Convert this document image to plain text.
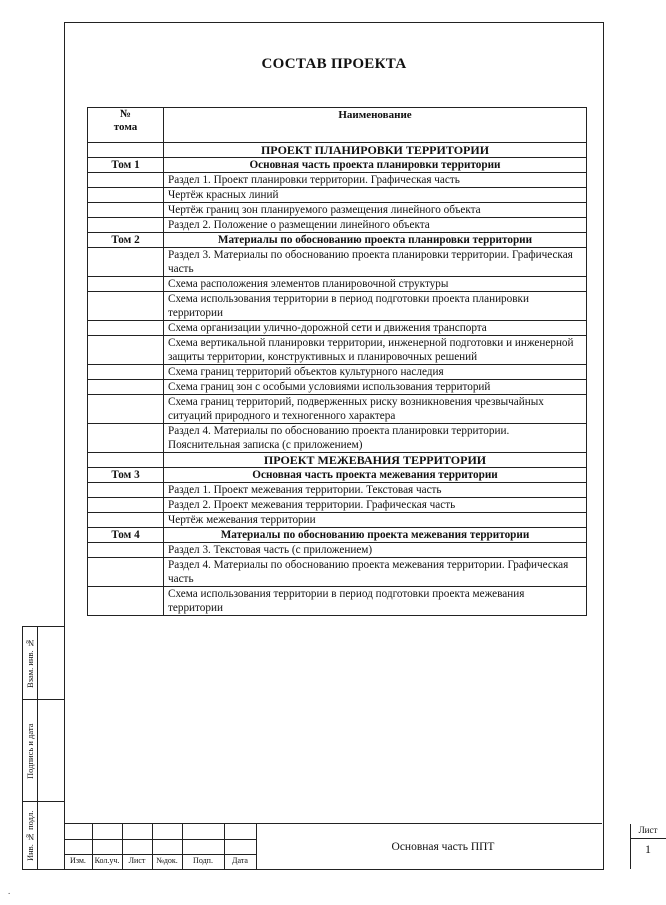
СОСТАВ ПРОЕКТА
№
тома	Наименование
	ПРОЕКТ ПЛАНИРОВКИ ТЕРРИТОРИИ
Том 1	Основная часть проекта планировки территории
	Раздел 1. Проект планировки территории. Графическая часть
	Чертёж красных линий
	Чертёж границ зон планируемого размещения линейного объекта
	Раздел 2. Положение о размещении линейного объекта
Том 2	Материалы по обоснованию проекта планировки территории
	Раздел 3. Материалы по обоснованию проекта планировки территории. Графическая часть
	Схема расположения элементов планировочной структуры
	Схема использования территории в период подготовки проекта планировки территории
	Схема организации улично-дорожной сети и движения транспорта
	Схема вертикальной планировки территории, инженерной подготовки и инженерной защиты территории, конструктивных и планировочных решений
	Схема границ территорий объектов культурного наследия
	Схема границ зон с особыми условиями использования территорий
	Схема границ территорий, подверженных риску возникновения чрезвычайных ситуаций природного и техногенного характера
	Раздел 4. Материалы по обоснованию проекта планировки территории. Пояснительная записка (с приложением)
	ПРОЕКТ МЕЖЕВАНИЯ ТЕРРИТОРИИ
Том 3	Основная часть проекта межевания территории
	Раздел 1. Проект межевания территории. Текстовая часть
	Раздел 2. Проект межевания территории. Графическая часть
	Чертёж межевания территории
Том 4	Материалы по обоснованию проекта межевания территории
	Раздел 3. Текстовая часть (с приложением)
	Раздел 4. Материалы по обоснованию проекта межевания территории. Графическая часть
	Схема использования территории в период подготовки проекта межевания территории
Взам. инв. №
Подпись и дата
Инв. № подл.	Изм.	Кол.уч.	Лист	№док.	Подп.	Дата
Основная часть ППТ
Лист
1
.
